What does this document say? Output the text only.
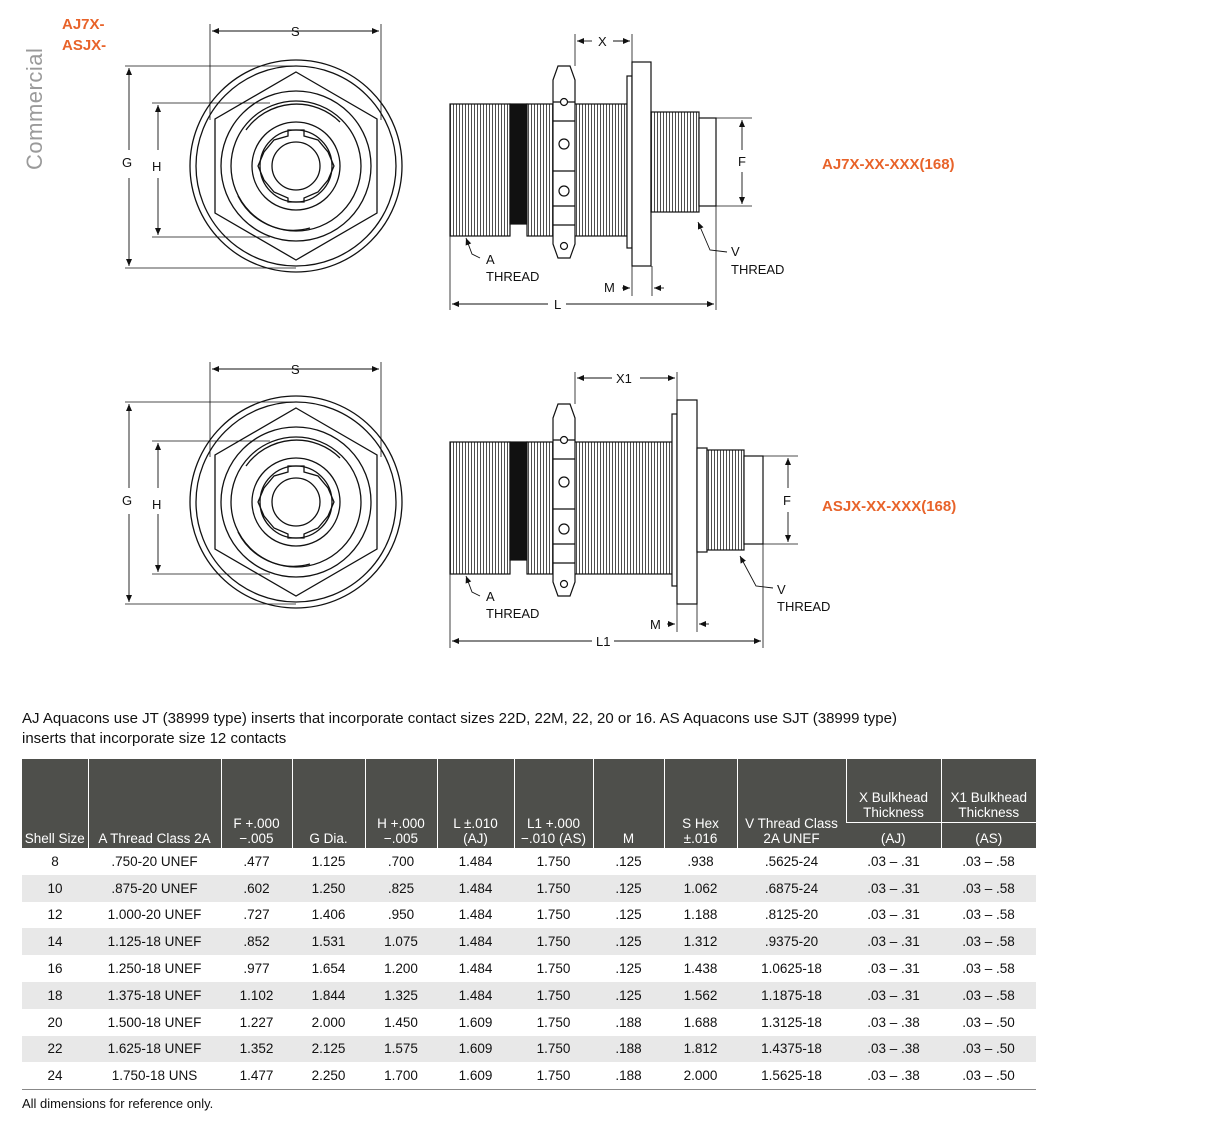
Commercial
AJ7X-
ASJX-
AJ7X-XX-XXX(168)
ASJX-XX-XXX(168)
S
G H
X
F
M
L
A
THREAD
V
THREAD
S
G H
X1
F
M
L1
A
THREAD
V
THREAD
AJ Aquacons use JT (38999 type) inserts that incorporate contact sizes 22D, 22M, 22, 20 or 16. AS Aquacons use SJT (38999 type) inserts that incorporate size 12 contacts
Shell Size	A Thread Class 2A	F +.000 −.005	G Dia.	H +.000 −.005	L ±.010 (AJ)	L1 +.000 −.010 (AS)	M	S Hex ±.016	V Thread Class 2A UNEF	X Bulkhead Thickness	X1 Bulkhead Thickness
										(AJ)	(AS)
8	.750-20 UNEF	.477	1.125	.700	1.484	1.750	.125	.938	.5625-24	.03 – .31	.03 – .58
10	.875-20 UNEF	.602	1.250	.825	1.484	1.750	.125	1.062	.6875-24	.03 – .31	.03 – .58
12	1.000-20 UNEF	.727	1.406	.950	1.484	1.750	.125	1.188	.8125-20	.03 – .31	.03 – .58
14	1.125-18 UNEF	.852	1.531	1.075	1.484	1.750	.125	1.312	.9375-20	.03 – .31	.03 – .58
16	1.250-18 UNEF	.977	1.654	1.200	1.484	1.750	.125	1.438	1.0625-18	.03 – .31	.03 – .58
18	1.375-18 UNEF	1.102	1.844	1.325	1.484	1.750	.125	1.562	1.1875-18	.03 – .31	.03 – .58
20	1.500-18 UNEF	1.227	2.000	1.450	1.609	1.750	.188	1.688	1.3125-18	.03 – .38	.03 – .50
22	1.625-18 UNEF	1.352	2.125	1.575	1.609	1.750	.188	1.812	1.4375-18	.03 – .38	.03 – .50
24	1.750-18 UNS	1.477	2.250	1.700	1.609	1.750	.188	2.000	1.5625-18	.03 – .38	.03 – .50
All dimensions for reference only.
